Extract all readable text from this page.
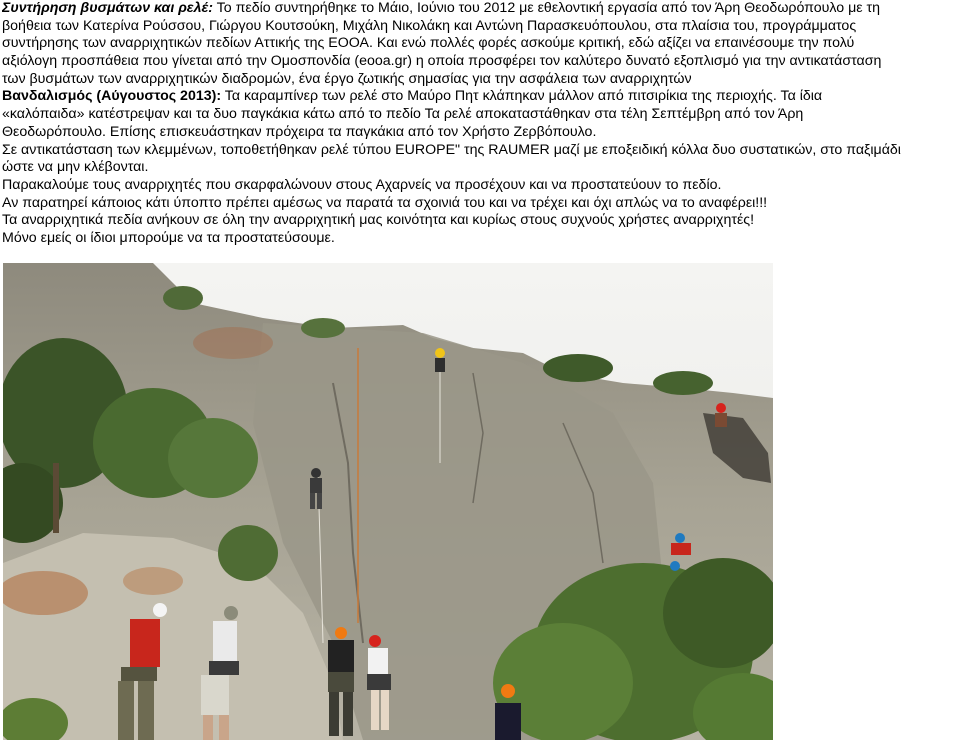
Συντήρηση βυσμάτων και ρελέ: Το πεδίο συντηρήθηκε το Μάιο, Ιούνιο του 2012 με εθελοντική εργασία από τον Άρη Θεοδωρόπουλο με τη
βοήθεια των Κατερίνα Ρούσσου, Γιώργου Κουτσούκη, Μιχάλη Νικολάκη και Αντώνη Παρασκευόπουλου, στα πλαίσια του, προγράμματος
συντήρησης των αναρριχητικών πεδίων Αττικής της ΕΟΟΑ. Και ενώ πολλές φορές ασκούμε κριτική, εδώ αξίζει να επαινέσουμε την πολύ
αξιόλογη προσπάθεια που γίνεται από την Ομοσπονδία (eooa.gr) η οποία προσφέρει τον καλύτερο δυνατό εξοπλισμό για την αντικατάσταση
των βυσμάτων των αναρριχητικών διαδρομών, ένα έργο ζωτικής σημασίας για την ασφάλεια των αναρριχητών
Βανδαλισμός (Αύγουστος 2013): Τα καραμπίνερ των ρελέ στο Μαύρο Πητ κλάπηκαν μάλλον από πιτσιρίκια της περιοχής. Τα ίδια
«καλόπαιδα» κατέστρεψαν και τα δυο παγκάκια κάτω από το πεδίο Τα ρελέ αποκαταστάθηκαν στα τέλη Σεπτέμβρη από τον Άρη
Θεοδωρόπουλο. Επίσης επισκευάστηκαν πρόχειρα τα παγκάκια από τον Χρήστο Ζερβόπουλο.
Σε αντικατάσταση των κλεμμένων, τοποθετήθηκαν ρελέ τύπου EUROPE" της RAUMER μαζί με εποξειδική κόλλα δυο συστατικών, στο παξιμάδι
ώστε να μην κλέβονται.
Παρακαλούμε τους αναρριχητές που σκαρφαλώνουν στους Αχαρνείς να προσέχουν και να προστατεύουν το πεδίο.
Αν παρατηρεί κάποιος κάτι ύποπτο πρέπει αμέσως να παρατά τα σχοινιά του και να τρέχει και όχι απλώς να το αναφέρει!!!
Τα αναρριχητικά πεδία ανήκουν σε όλη την αναρριχητική μας κοινότητα και κυρίως στους συχνούς χρήστες αναρριχητές!
Μόνο εμείς οι ίδιοι μπορούμε να τα προστατεύσουμε.
